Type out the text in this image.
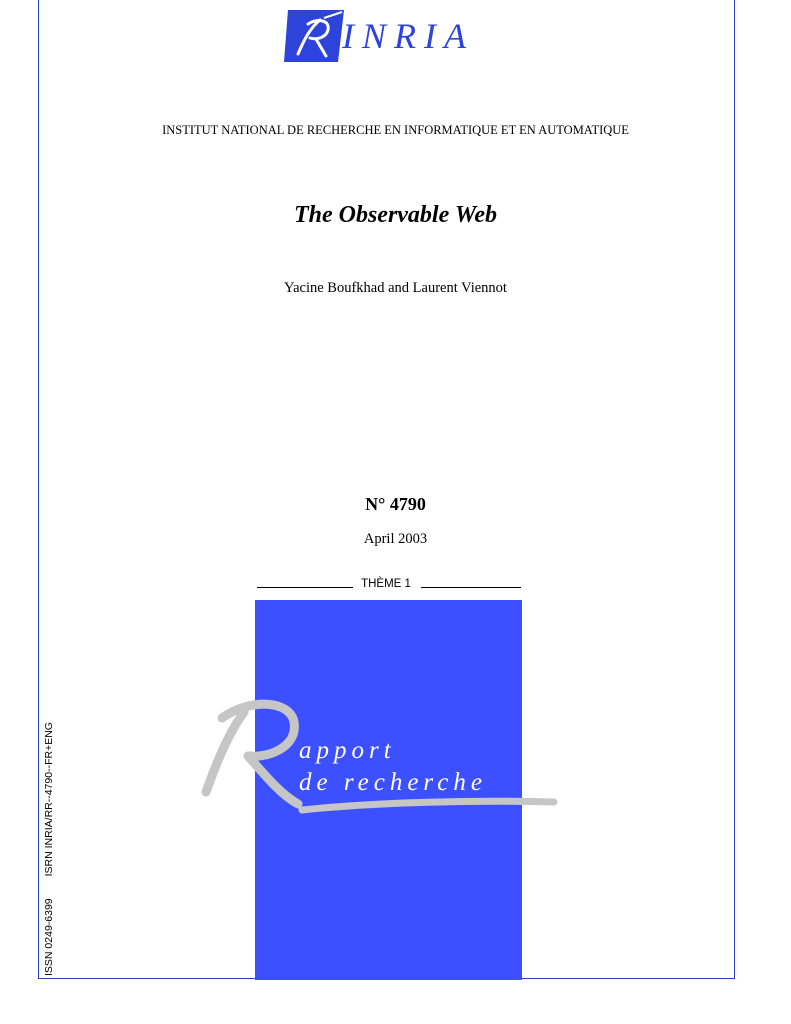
INRIA
INSTITUT NATIONAL DE RECHERCHE EN INFORMATIQUE ET EN AUTOMATIQUE
The Observable Web
Yacine Boufkhad and Laurent Viennot
N° 4790
April 2003
THÈME 1
apport
de recherche
ISSN 0249-6399ISRN INRIA/RR--4790--FR+ENG
